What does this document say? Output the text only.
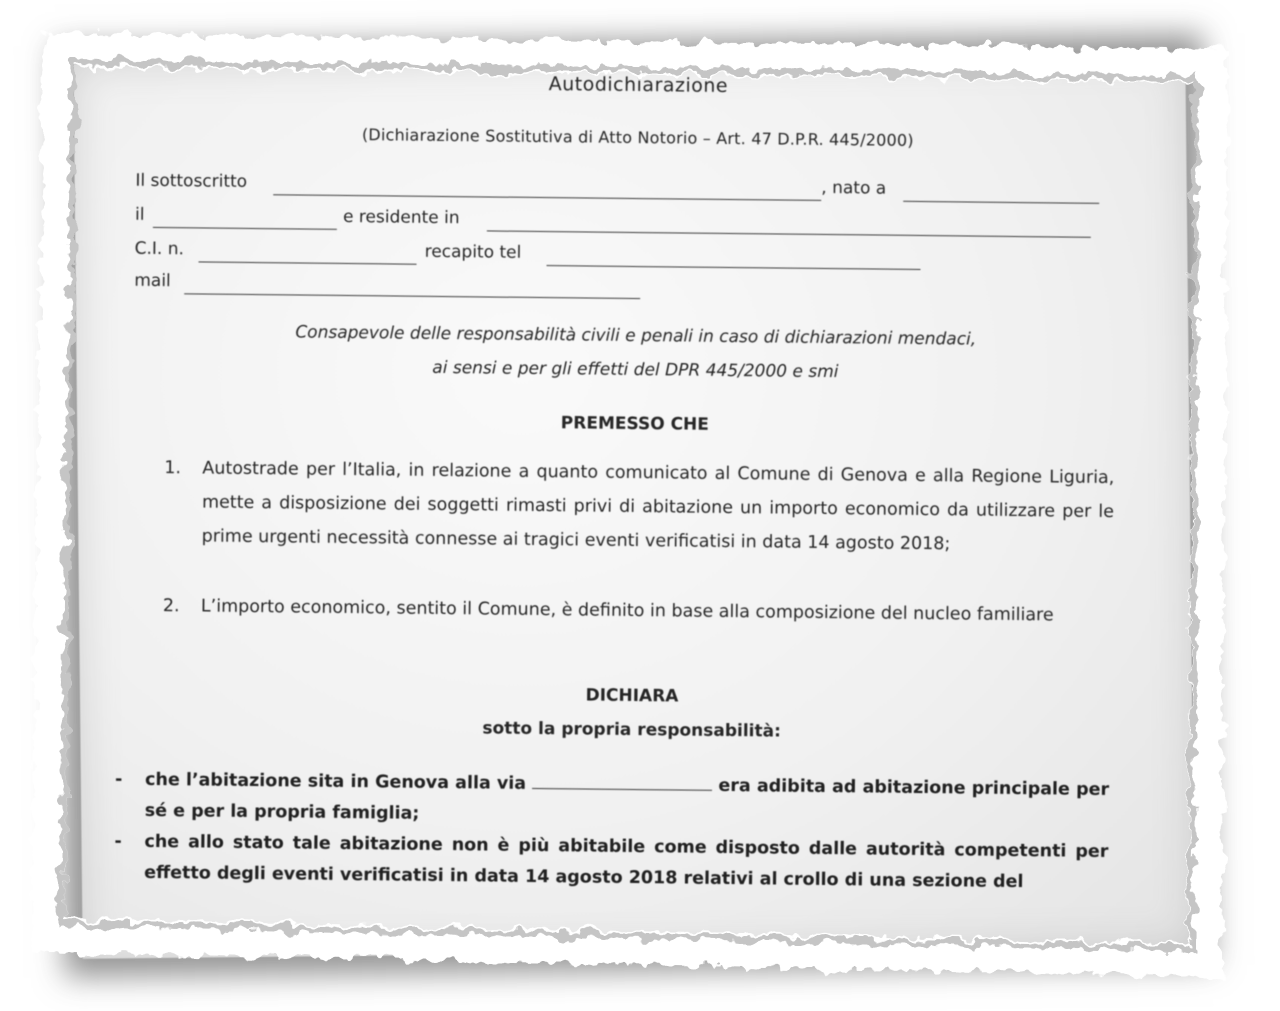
Autodichiarazione
(Dichiarazione Sostitutiva di Atto Notorio – Art. 47 D.P.R. 445/2000)
Il sottoscritto	, nato a
il	e residente in
C.I. n.	recapito tel
mail
Consapevole delle responsabilità civili e penali in caso di dichiarazioni mendaci,
ai sensi e per gli effetti del DPR 445/2000 e smi
PREMESSO CHE
1. Autostrade per l’Italia, in relazione a quanto comunicato al Comune di Genova e alla Regione Liguria, mette a disposizione dei soggetti rimasti privi di abitazione un importo economico da utilizzare per le prime urgenti necessità connesse ai tragici eventi verificatisi in data 14 agosto 2018;
2. L’importo economico, sentito il Comune, è definito in base alla composizione del nucleo familiare
DICHIARA
sotto la propria responsabilità:
- che l’abitazione sita in Genova alla via	era adibita ad abitazione principale per sé e per la propria famiglia;
- che allo stato tale abitazione non è più abitabile come disposto dalle autorità competenti per effetto degli eventi verificatisi in data 14 agosto 2018 relativi al crollo di una sezione del
